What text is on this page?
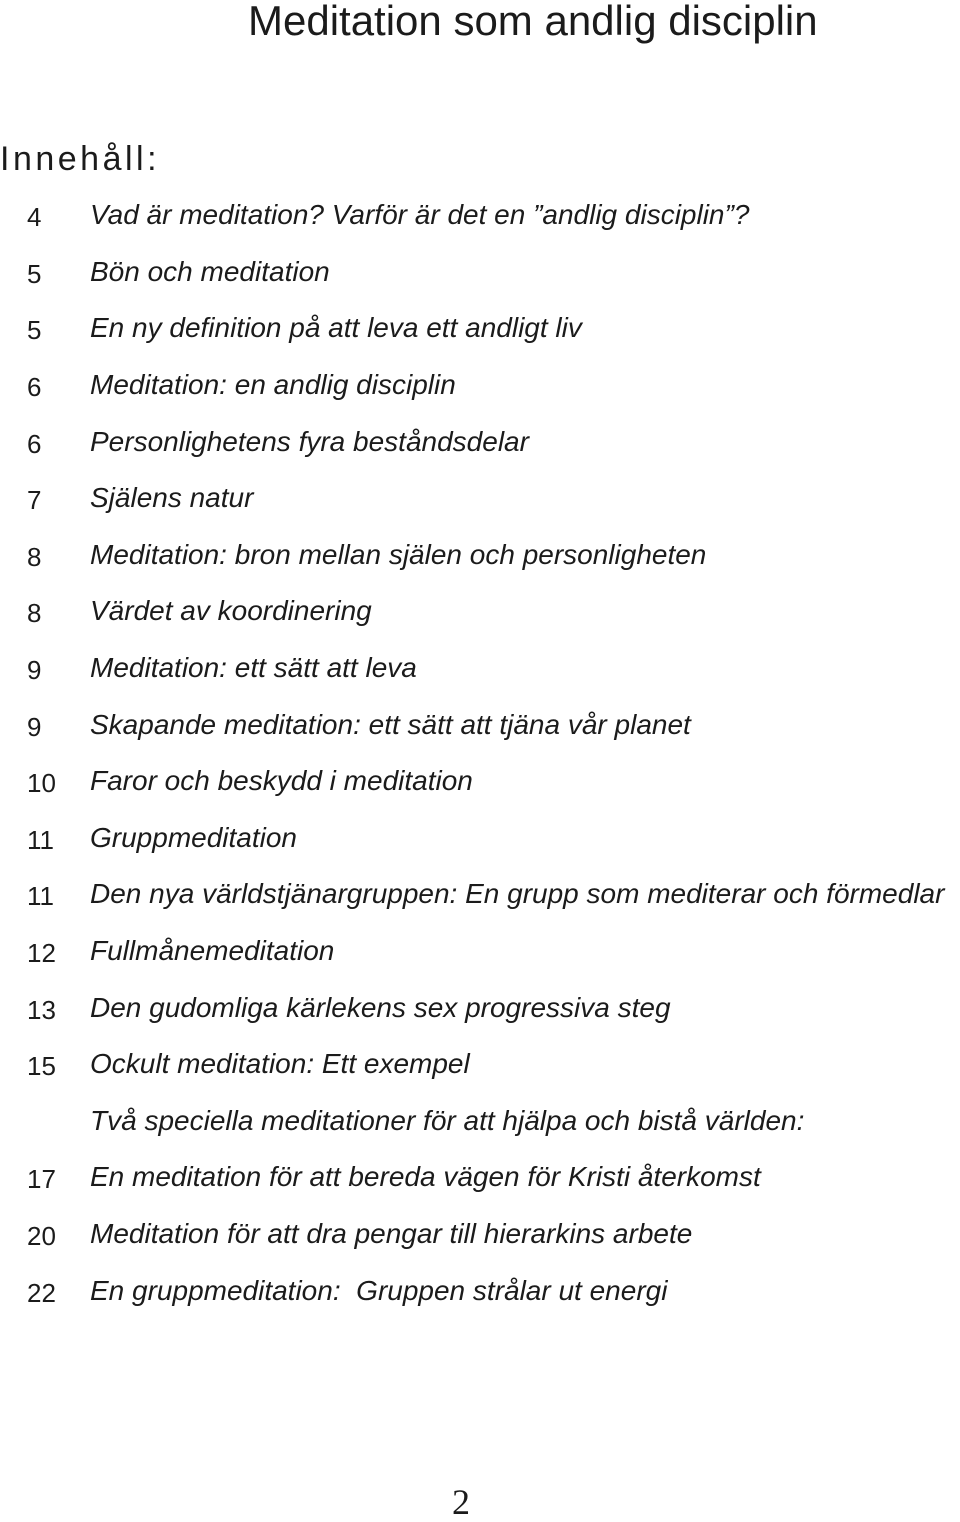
Meditation som andlig disciplin
Innehåll:
4	Vad är meditation? Varför är det en ”andlig disciplin”?
5	Bön och meditation
5	En ny definition på att leva ett andligt liv
6	Meditation: en andlig disciplin
6	Personlighetens fyra beståndsdelar
7	Själens natur
8	Meditation: bron mellan själen och personligheten
8	Värdet av koordinering
9	Meditation: ett sätt att leva
9	Skapande meditation: ett sätt att tjäna vår planet
10	Faror och beskydd i meditation
11	Gruppmeditation
11	Den nya världstjänargruppen: En grupp som mediterar och förmedlar
12	Fullmånemeditation
13	Den gudomliga kärlekens sex progressiva steg
15	Ockult meditation: Ett exempel
Två speciella meditationer för att hjälpa och bistå världen:
17	En meditation för att bereda vägen för Kristi återkomst
20	Meditation för att dra pengar till hierarkins arbete
22	En gruppmeditation:  Gruppen strålar ut energi
2
